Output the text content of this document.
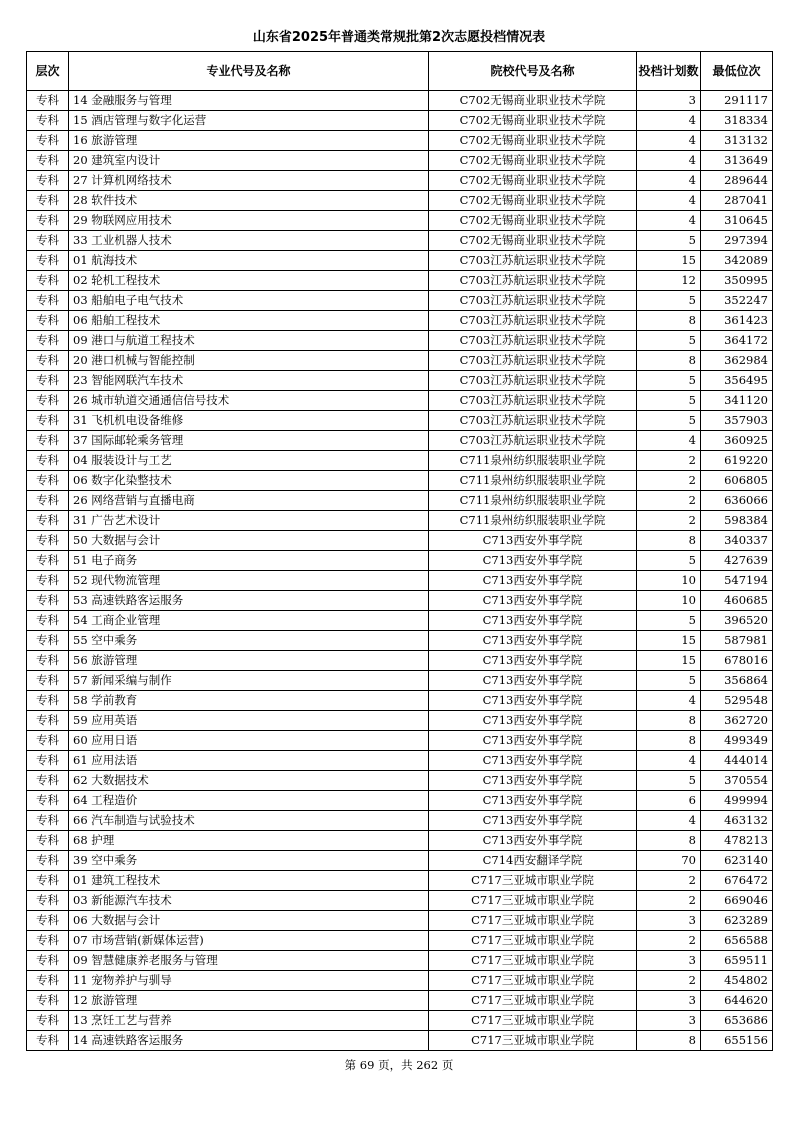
山东省2025年普通类常规批第2次志愿投档情况表
层次	专业代号及名称	院校代号及名称	投档计划数	最低位次
专科	14 金融服务与管理	C702无锡商业职业技术学院	3	291117
专科	15 酒店管理与数字化运营	C702无锡商业职业技术学院	4	318334
专科	16 旅游管理	C702无锡商业职业技术学院	4	313132
专科	20 建筑室内设计	C702无锡商业职业技术学院	4	313649
专科	27 计算机网络技术	C702无锡商业职业技术学院	4	289644
专科	28 软件技术	C702无锡商业职业技术学院	4	287041
专科	29 物联网应用技术	C702无锡商业职业技术学院	4	310645
专科	33 工业机器人技术	C702无锡商业职业技术学院	5	297394
专科	01 航海技术	C703江苏航运职业技术学院	15	342089
专科	02 轮机工程技术	C703江苏航运职业技术学院	12	350995
专科	03 船舶电子电气技术	C703江苏航运职业技术学院	5	352247
专科	06 船舶工程技术	C703江苏航运职业技术学院	8	361423
专科	09 港口与航道工程技术	C703江苏航运职业技术学院	5	364172
专科	20 港口机械与智能控制	C703江苏航运职业技术学院	8	362984
专科	23 智能网联汽车技术	C703江苏航运职业技术学院	5	356495
专科	26 城市轨道交通通信信号技术	C703江苏航运职业技术学院	5	341120
专科	31 飞机机电设备维修	C703江苏航运职业技术学院	5	357903
专科	37 国际邮轮乘务管理	C703江苏航运职业技术学院	4	360925
专科	04 服装设计与工艺	C711泉州纺织服装职业学院	2	619220
专科	06 数字化染整技术	C711泉州纺织服装职业学院	2	606805
专科	26 网络营销与直播电商	C711泉州纺织服装职业学院	2	636066
专科	31 广告艺术设计	C711泉州纺织服装职业学院	2	598384
专科	50 大数据与会计	C713西安外事学院	8	340337
专科	51 电子商务	C713西安外事学院	5	427639
专科	52 现代物流管理	C713西安外事学院	10	547194
专科	53 高速铁路客运服务	C713西安外事学院	10	460685
专科	54 工商企业管理	C713西安外事学院	5	396520
专科	55 空中乘务	C713西安外事学院	15	587981
专科	56 旅游管理	C713西安外事学院	15	678016
专科	57 新闻采编与制作	C713西安外事学院	5	356864
专科	58 学前教育	C713西安外事学院	4	529548
专科	59 应用英语	C713西安外事学院	8	362720
专科	60 应用日语	C713西安外事学院	8	499349
专科	61 应用法语	C713西安外事学院	4	444014
专科	62 大数据技术	C713西安外事学院	5	370554
专科	64 工程造价	C713西安外事学院	6	499994
专科	66 汽车制造与试验技术	C713西安外事学院	4	463132
专科	68 护理	C713西安外事学院	8	478213
专科	39 空中乘务	C714西安翻译学院	70	623140
专科	01 建筑工程技术	C717三亚城市职业学院	2	676472
专科	03 新能源汽车技术	C717三亚城市职业学院	2	669046
专科	06 大数据与会计	C717三亚城市职业学院	3	623289
专科	07 市场营销(新媒体运营)	C717三亚城市职业学院	2	656588
专科	09 智慧健康养老服务与管理	C717三亚城市职业学院	3	659511
专科	11 宠物养护与驯导	C717三亚城市职业学院	2	454802
专科	12 旅游管理	C717三亚城市职业学院	3	644620
专科	13 烹饪工艺与营养	C717三亚城市职业学院	3	653686
专科	14 高速铁路客运服务	C717三亚城市职业学院	8	655156
第 69 页，共 262 页
